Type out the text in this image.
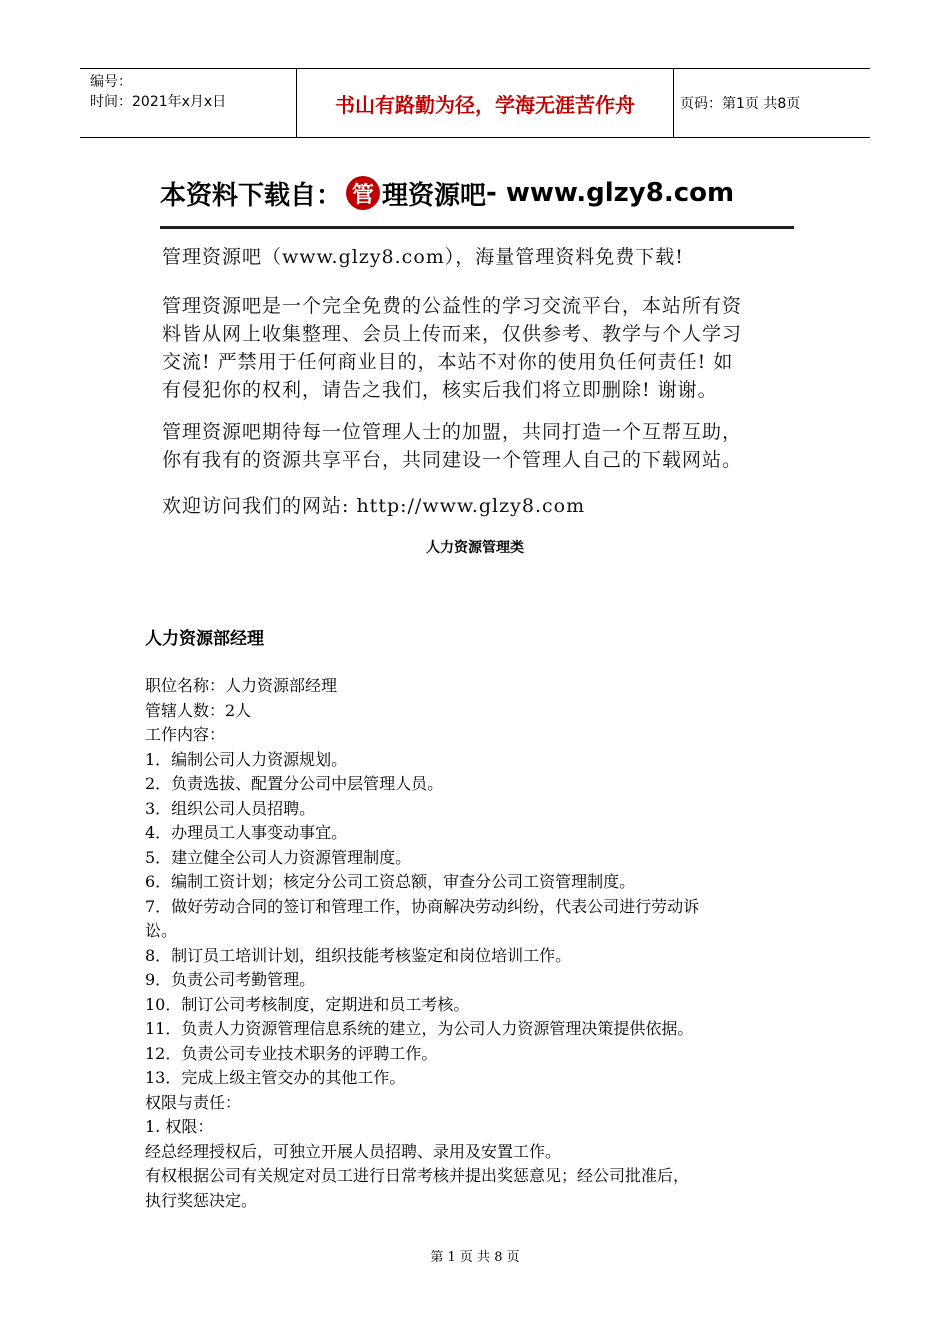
编号：
时间：2021年x月x日	书山有路勤为径，学海无涯苦作舟	页码：第1页 共8页
本资料下载自： 管 理资源吧 - www.glzy8.com
管理资源吧（www.glzy8.com），海量管理资料免费下载!
管理资源吧是一个完全免费的公益性的学习交流平台，本站所有资
料皆从网上收集整理、会员上传而来，仅供参考、教学与个人学习
交流! 严禁用于任何商业目的，本站不对你的使用负任何责任! 如
有侵犯你的权利，请告之我们，核实后我们将立即删除! 谢谢。
管理资源吧期待每一位管理人士的加盟，共同打造一个互帮互助，
你有我有的资源共享平台，共同建设一个管理人自己的下载网站。
欢迎访问我们的网站: http://www.glzy8.com
人力资源管理类
人力资源部经理
职位名称：人力资源部经理
管辖人数：2人
工作内容：
1．编制公司人力资源规划。
2．负责选拔、配置分公司中层管理人员。
3．组织公司人员招聘。
4．办理员工人事变动事宜。
5．建立健全公司人力资源管理制度。
6．编制工资计划；核定分公司工资总额，审查分公司工资管理制度。
7．做好劳动合同的签订和管理工作，协商解决劳动纠纷，代表公司进行劳动诉
讼。
8．制订员工培训计划，组织技能考核鉴定和岗位培训工作。
9．负责公司考勤管理。
10．制订公司考核制度，定期进和员工考核。
11．负责人力资源管理信息系统的建立，为公司人力资源管理决策提供依据。
12．负责公司专业技术职务的评聘工作。
13．完成上级主管交办的其他工作。
权限与责任：
1. 权限：
经总经理授权后，可独立开展人员招聘、录用及安置工作。
有权根据公司有关规定对员工进行日常考核并提出奖惩意见；经公司批准后，
执行奖惩决定。
第 1 页 共 8 页
